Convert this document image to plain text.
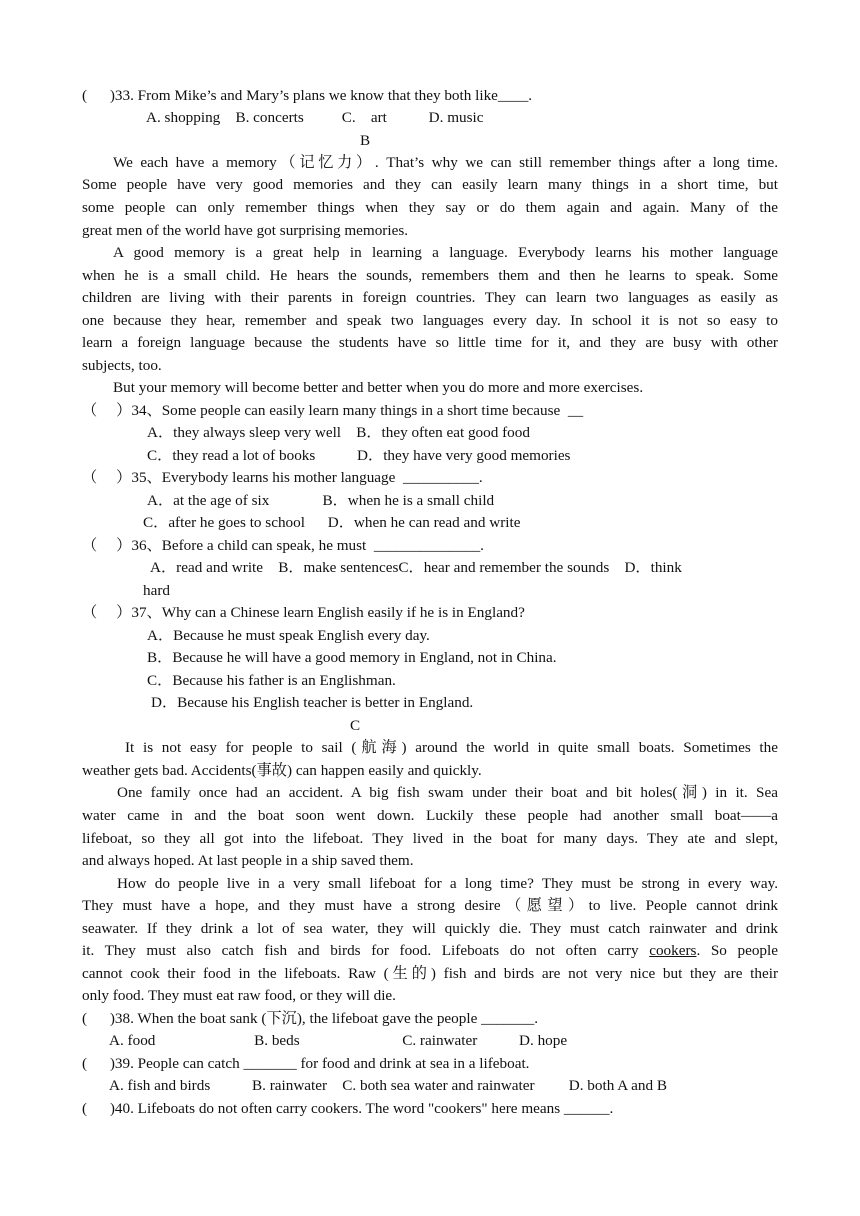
(      )33. From Mike’s and Mary’s plans we know that they both like____.
A. shopping    B. concerts          C.    art           D. music
B
We each have a memory（记忆力）. That’s why we can still remember things after a long time.
Some people have very good memories and they can easily learn many things in a short time, but
some people can only remember things when they say or do them again and again. Many of the
great men of the world have got surprising memories.
A good memory is a great help in learning a language. Everybody learns his mother language
when he is a small child. He hears the sounds, remembers them and then he learns to speak. Some
children are living with their parents in foreign countries. They can learn two languages as easily as
one because they hear, remember and speak two languages every day. In school it is not so easy to
learn a foreign language because the students have so little time for it, and they are busy with other
subjects, too.
But your memory will become better and better when you do more and more exercises.
（     ）34、Some people can easily learn many things in a short time because  __
A．they always sleep very well    B．they often eat good food
C．they read a lot of books           D．they have very good memories
（     ）35、Everybody learns his mother language  __________.
A．at the age of six              B．when he is a small child
C．after he goes to school      D．when he can read and write
（     ）36、Before a child can speak, he must  ______________.
A．read and write    B．make sentencesC．hear and remember the sounds    D．think
hard
（     ）37、Why can a Chinese learn English easily if he is in England?
A．Because he must speak English every day.
B．Because he will have a good memory in England, not in China.
C．Because his father is an Englishman.
D．Because his English teacher is better in England.
C
It is not easy for people to sail (航海) around the world in quite small boats. Sometimes the
weather gets bad. Accidents(事故) can happen easily and quickly.
One family once had an accident. A big fish swam under their boat and bit holes(洞) in it. Sea
water came in and the boat soon went down. Luckily these people had another small boat——a
lifeboat, so they all got into the lifeboat. They lived in the boat for many days. They ate and slept,
and always hoped. At last people in a ship saved them.
How do people live in a very small lifeboat for a long time? They must be strong in every way.
They must have a hope, and they must have a strong desire（愿望）to live. People cannot drink
seawater. If they drink a lot of sea water, they will quickly die. They must catch rainwater and drink
it. They must also catch fish and birds for food. Lifeboats do not often carry cookers. So people
cannot cook their food in the lifeboats. Raw (生的) fish and birds are not very nice but they are their
only food. They must eat raw food, or they will die.
(      )38. When the boat sank (下沉), the lifeboat gave the people _______.
A. food                          B. beds                           C. rainwater           D. hope
(      )39. People can catch _______ for food and drink at sea in a lifeboat.
A. fish and birds           B. rainwater    C. both sea water and rainwater         D. both A and B
(      )40. Lifeboats do not often carry cookers. The word "cookers" here means ______.
